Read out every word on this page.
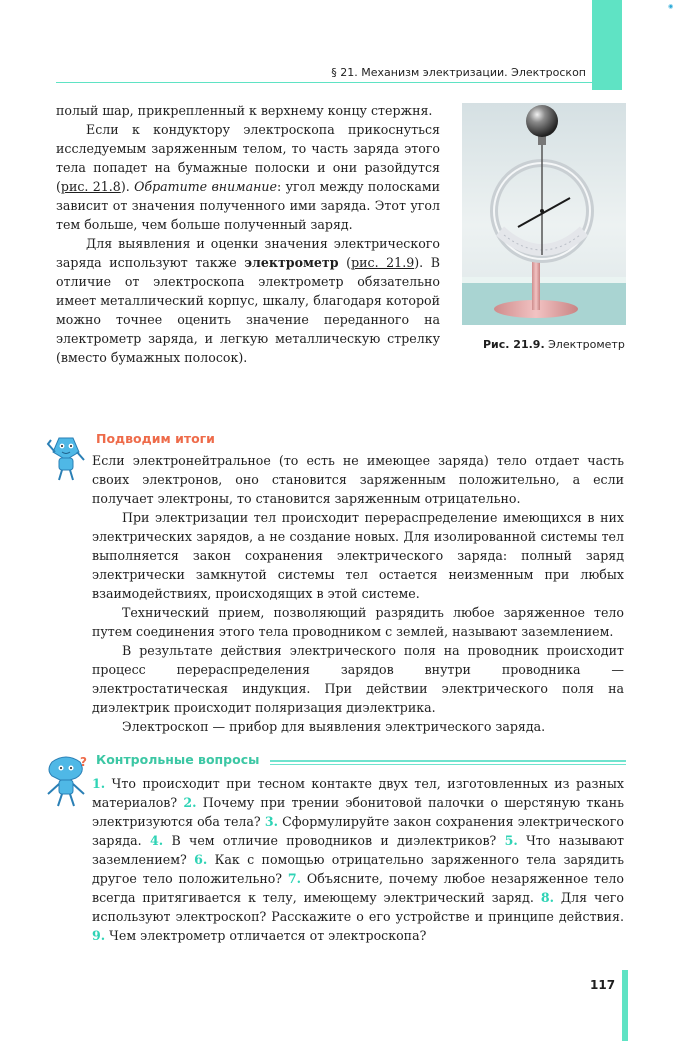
◉
§ 21. Механизм электризации. Электроскоп

полый шар, прикрепленный к верхнему концу стержня.

Если к кондуктору электроскопа прикоснуться исследуемым заряженным телом, то часть заряда этого тела попадет на бумажные полоски и они разойдутся (рис. 21.8). Обратите внимание: угол между полосками зависит от значения полученного ими заряда. Этот угол тем больше, чем больше полученный заряд.

Для выявления и оценки значения электрического заряда используют также электрометр (рис. 21.9). В отличие от электроскопа электрометр обязательно имеет металлический корпус, шкалу, благодаря которой можно точнее оценить значение переданного на электрометр заряда, и легкую металлическую стрелку (вместо бумажных полосок).

Рис. 21.9. Электрометр
Подводим итоги

Если электронейтральное (то есть не имеющее заряда) тело отдает часть своих электронов, оно становится заряженным положительно, а если получает электроны, то становится заряженным отрицательно.

При электризации тел происходит перераспределение имеющихся в них электрических зарядов, а не создание новых. Для изолированной системы тел выполняется закон сохранения электрического заряда: полный заряд электрически замкнутой системы тел остается неизменным при любых взаимодействиях, происходящих в этой системе.

Технический прием, позволяющий разрядить любое заряженное тело путем соединения этого тела проводником с землей, называют заземлением.

В результате действия электрического поля на проводник происходит процесс перераспределения зарядов внутри проводника — электростатическая индукция. При действии электрического поля на диэлектрик происходит поляризация диэлектрика.

Электроскоп — прибор для выявления электрического заряда.

? Контрольные вопросы

1. Что происходит при тесном контакте двух тел, изготовленных из разных материалов? 2. Почему при трении эбонитовой палочки о шерстяную ткань электризуются оба тела? 3. Сформулируйте закон сохранения электрического заряда. 4. В чем отличие проводников и диэлектриков? 5. Что называют заземлением? 6. Как с помощью отрицательно заряженного тела зарядить другое тело положительно? 7. Объясните, почему любое незаряженное тело всегда притягивается к телу, имеющему электрический заряд. 8. Для чего используют электроскоп? Расскажите о его устройстве и принципе действия. 9. Чем электрометр отличается от электроскопа?

117
